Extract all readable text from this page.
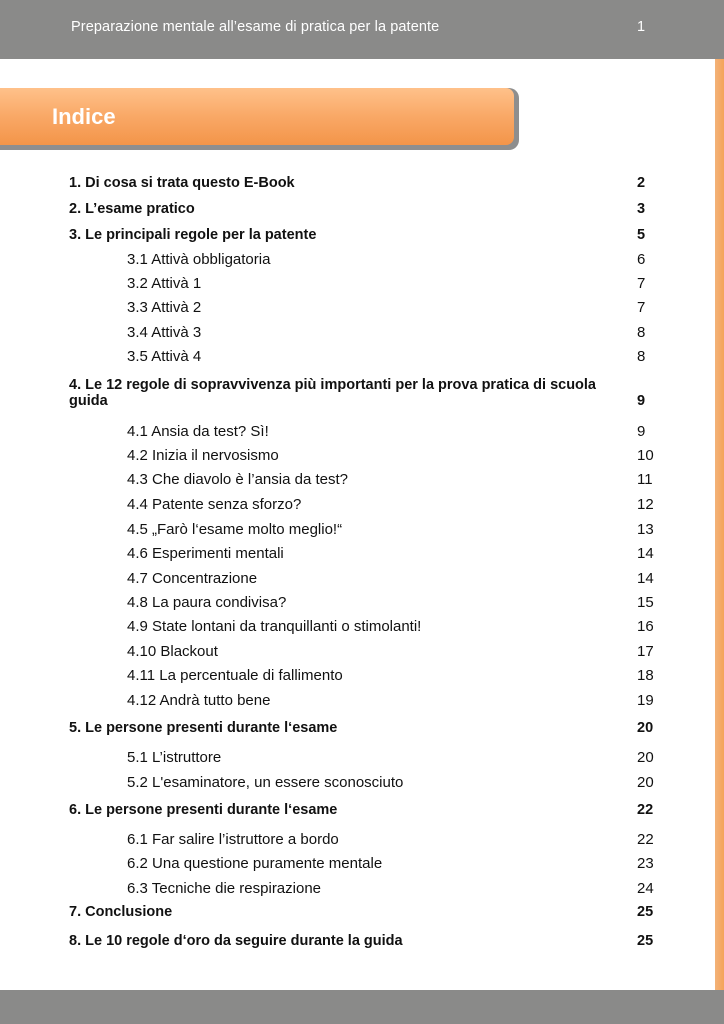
Preparazione mentale all’esame di pratica per la patente	1
Indice
1. Di cosa si trata questo E-Book	2
2. L’esame pratico	3
3. Le principali regole per la patente	5
3.1 Attivà obbligatoria	6
3.2 Attivà 1	7
3.3 Attivà 2	7
3.4 Attivà 3	8
3.5 Attivà 4	8
4. Le 12 regole di sopravvivenza più importanti per la prova pratica di scuola guida	9
4.1 Ansia da test? Sì!	9
4.2 Inizia il nervosismo	10
4.3 Che diavolo è l’ansia da test?	11
4.4 Patente senza sforzo?	12
4.5 „Farò l‘esame molto meglio!“	13
4.6 Esperimenti mentali	14
4.7 Concentrazione	14
4.8 La paura condivisa?	15
4.9 State lontani da tranquillanti o stimolanti!	16
4.10 Blackout	17
4.11 La percentuale di fallimento	18
4.12 Andrà tutto bene	19
5. Le persone presenti durante l‘esame	20
5.1 L’istruttore	20
5.2 L'esaminatore, un essere sconosciuto	20
6. Le persone presenti durante l‘esame	22
6.1 Far salire l’istruttore a bordo	22
6.2 Una questione puramente mentale	23
6.3 Tecniche die respirazione	24
7. Conclusione	25
8. Le 10 regole d‘oro da seguire durante la guida	25
